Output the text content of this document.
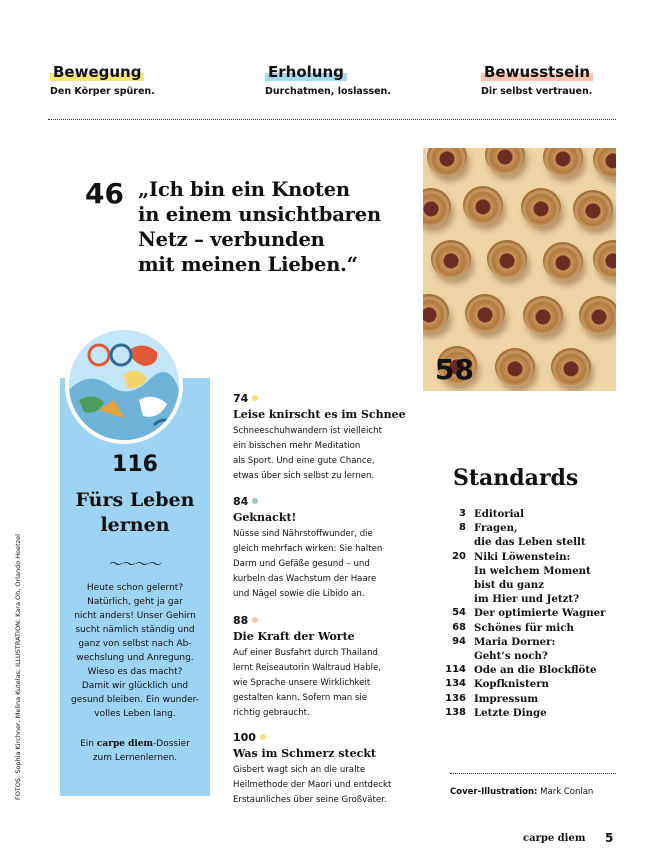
Bewegung
Den Körper spüren.
Erholung
Durchatmen, loslassen.
Bewusstsein
Dir selbst vertrauen.
46 „Ich bin ein Knoten
in einem unsichtbaren
Netz – verbunden
mit meinen Lieben.“
58
116
Fürs Leben
lernen
〜〜〜〜
Heute schon gelernt?
Natürlich, geht ja gar
nicht anders! Unser Gehirn
sucht nämlich ständig und
ganz von selbst nach Ab-
wechslung und Anregung.
Wieso es das macht?
Damit wir glücklich und
gesund bleiben. Ein wunder-
volles Leben lang.
Ein carpe diem-Dossier
zum Lernenlernen.
FOTOS: Sophia Kirchner, Melina Kutelas; ILLUSTRATION: Kara Oh, Orlando Hoetzel
74
Leise knirscht es im Schnee
Schneeschuhwandern ist vielleicht
ein bisschen mehr Meditation
als Sport. Und eine gute Chance,
etwas über sich selbst zu lernen.
84
Geknackt!
Nüsse sind Nährstoffwunder, die
gleich mehrfach wirken: Sie halten
Darm und Gefäße gesund – und
kurbeln das Wachstum der Haare
und Nägel sowie die Libido an.
88
Die Kraft der Worte
Auf einer Busfahrt durch Thailand
lernt Reiseautorin Waltraud Hable,
wie Sprache unsere Wirklichkeit
gestalten kann. Sofern man sie
richtig gebraucht.
100
Was im Schmerz steckt
Gisbert wagt sich an die uralte
Heilmethode der Maori und entdeckt
Erstaunliches über seine Großväter.
Standards
3 Editorial
8 Fragen,
die das Leben stellt
20 Niki Löwenstein:
In welchem Moment
bist du ganz
im Hier und Jetzt?
54 Der optimierte Wagner
68 Schönes für mich
94 Maria Dorner:
Geht’s noch?
114 Ode an die Blockflöte
134 Kopfknistern
136 Impressum
138 Letzte Dinge
Cover-Illustration: Mark Conlan
carpe diem 5
